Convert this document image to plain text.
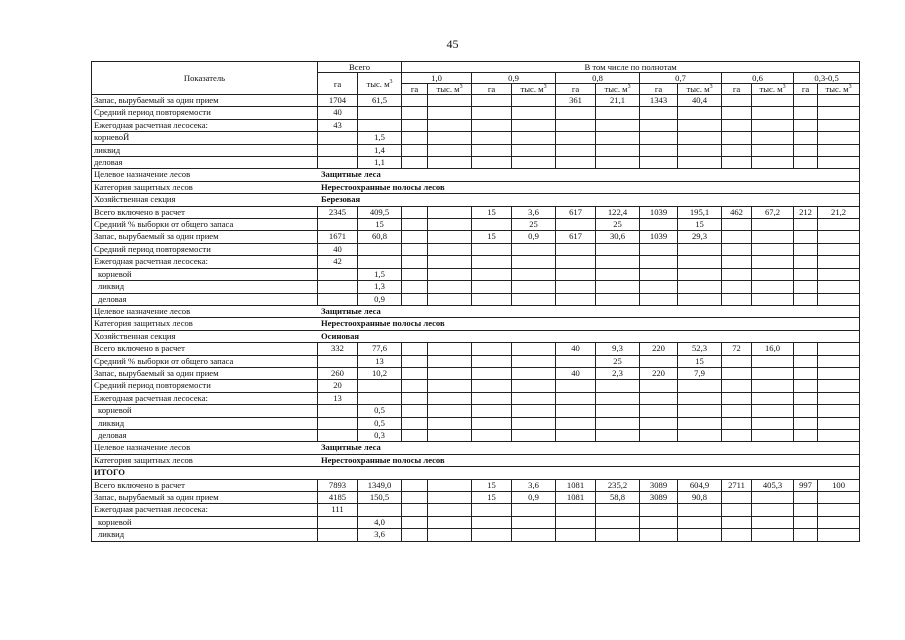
45
Показатель	Всего		В том числе по полнотам											
	га	тыс. $м^3$	1,0		0,9		0,8		0,7		0,6		0,3-0,5	
			га	тыс. $м^3$	га	тыс. $м^3$	га	тыс. $м^3$	га	тыс. $м^3$	га	тыс. $м^3$	га	тыс. $м^3$
Запас, вырубаемый за один прием	1704	61,5					361	21,1	1343	40,4				
Средний период повторяемости	40													
Ежегодная расчетная лесосека:	43													
корневоЙ		1,5												
ликвид		1,4												
деловая		1,1												
Целевое назначение лесов	Защитные леса													
Категория защитных лесов	Нерестоохранные полосы лесов													
Хозяйственная секция	Березовая													
Всего включено в расчет	2345	409,5			15	3,6	617	122,4	1039	195,1	462	67,2	212	21,2
Средний % выборки от общего запаса		15				25		25		15				
Запас, вырубаемый за один прием	1671	60,8			15	0,9	617	30,6	1039	29,3				
Средний период повторяемости	40													
Ежегодная расчетная лесосека:	42													
корневой		1,5												
ликвид		1,3												
деловая		0,9												
Целевое назначение лесов	Защитные леса													
Категория защитных лесов	Нерестоохранные полосы лесов													
Хозяйственная секция	Осиновая													
Всего включено в расчет	332	77,6					40	9,3	220	52,3	72	16,0		
Средний % выборки от общего запаса		13						25		15				
Запас, вырубаемый за один прием	260	10,2					40	2,3	220	7,9				
Средний период повторяемости	20													
Ежегодная расчетная лесосека:	13													
корневой		0,5												
ликвид		0,5												
деловая		0,3												
Целевое назначение лесов	Защитные леса													
Категория защитных лесов	Нерестоохранные полосы лесов													
ИТОГО														
Всего включено в расчет	7893	1349,0			15	3,6	1081	235,2	3089	604,9	2711	405,3	997	100
Запас, вырубаемый за один прием	4185	150,5			15	0,9	1081	58,8	3089	90,8				
Ежегодная расчетная лесосека:	111													
корневой		4,0												
ликвид		3,6												
